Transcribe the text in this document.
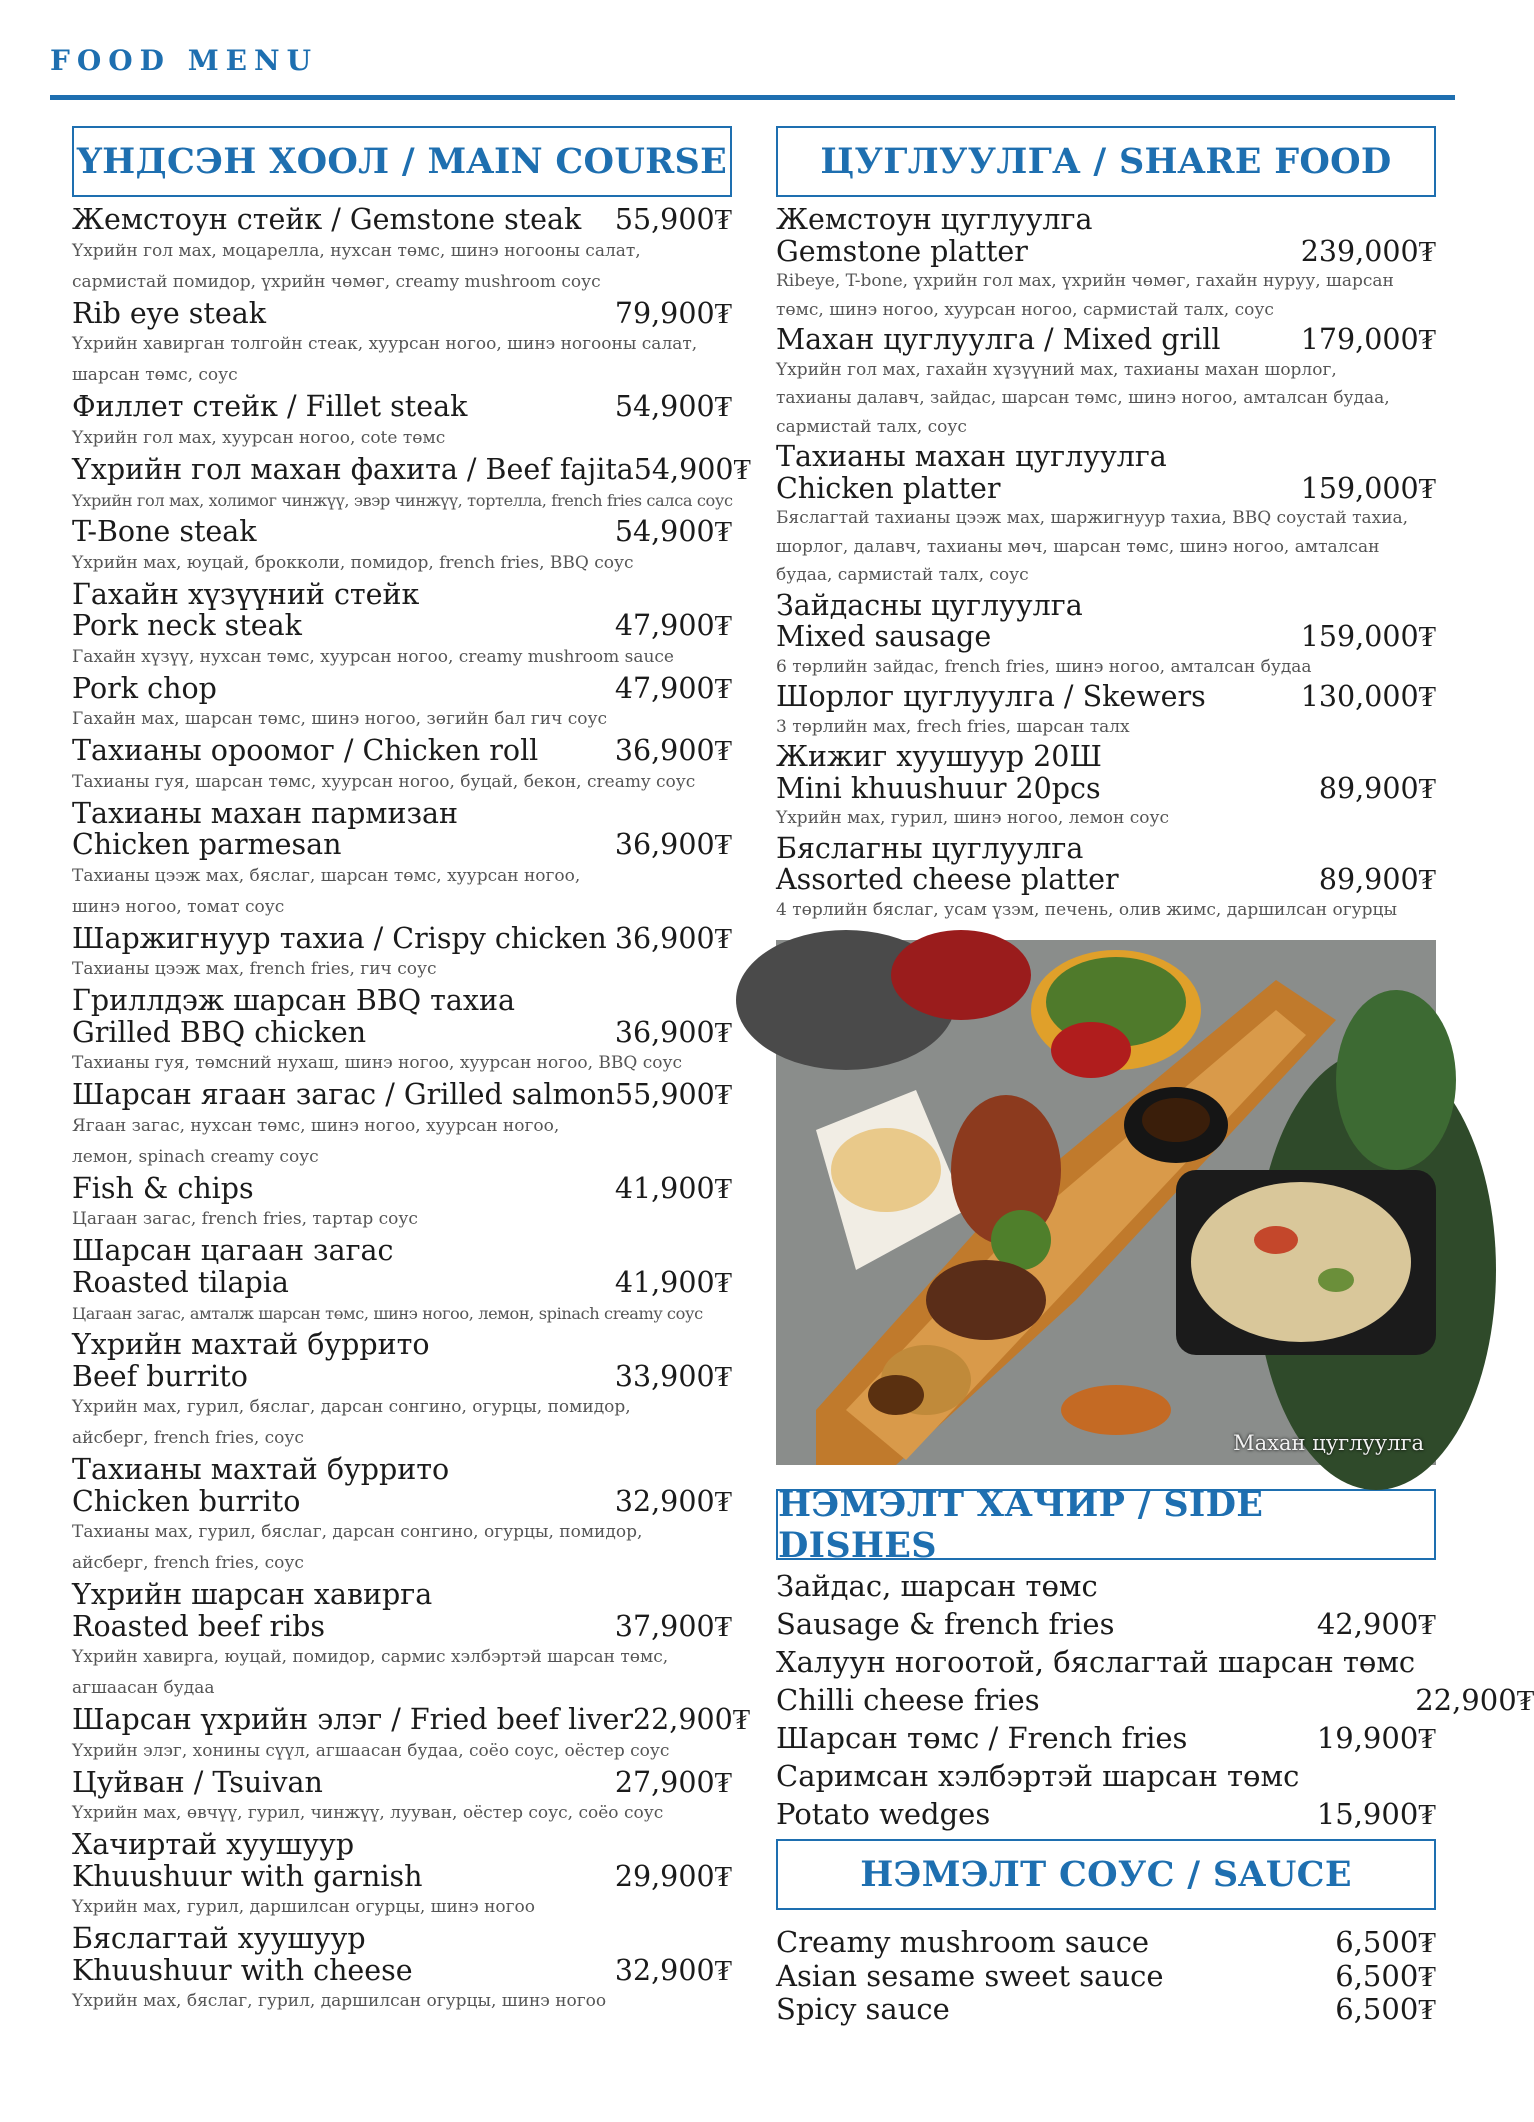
FOOD MENU
ҮНДСЭН ХООЛ / MAIN COURSE
Жемстоун стейк / Gemstone steak 55,900₮
Үхрийн гол мах, моцарелла, нухсан төмс, шинэ ногооны салат,
сармистай помидор, үхрийн чөмөг, creamy mushroom соус
Rib eye steak	79,900₮
Үхрийн хавирган толгойн стеак, хуурсан ногоо, шинэ ногооны салат,
шарсан төмс, соус
Филлет стейк / Fillet steak	54,900₮
Үхрийн гол мах, хуурсан ногоо, cote төмс
Үхрийн гол махан фахита / Beef fajita 54,900₮
Үхрийн гол мах, холимог чинжүү, эвэр чинжүү, тортелла, french fries салса соус
T-Bone steak	54,900₮
Үхрийн мах, юуцай, брокколи, помидор, french fries, BBQ соус
Гахайн хүзүүний стейк
Pork neck steak	47,900₮
Гахайн хүзүү, нухсан төмс, хуурсан ногоо, creamy mushroom sauce
Pork chop	47,900₮
Гахайн мах, шарсан төмс, шинэ ногоо, зөгийн бал гич соус
Тахианы ороомог / Chicken roll	36,900₮
Тахианы гуя, шарсан төмс, хуурсан ногоо, буцай, бекон, creamy соус
Тахианы махан пармизан
Chicken parmesan	36,900₮
Тахианы цээж мах, бяслаг, шарсан төмс, хуурсан ногоо,
шинэ ногоо, томат соус
Шаржигнуур тахиа / Crispy chicken 36,900₮
Тахианы цээж мах, french fries, гич соус
Гриллдэж шарсан BBQ тахиа
Grilled BBQ chicken	36,900₮
Тахианы гуя, төмсний нухаш, шинэ ногоо, хуурсан ногоо, BBQ соус
Шарсан ягаан загас / Grilled salmon 55,900₮
Ягаан загас, нухсан төмс, шинэ ногоо, хуурсан ногоо,
лемон, spinach creamy соус
Fish & chips	41,900₮
Цагаан загас, french fries, тартар соус
Шарсан цагаан загас
Roasted tilapia	41,900₮
Цагаан загас, амталж шарсан төмс, шинэ ногоо, лемон, spinach creamy соус
Үхрийн махтай буррито
Beef burrito	33,900₮
Үхрийн мах, гурил, бяслаг, дарсан сонгино, огурцы, помидор,
айсберг, french fries, соус
Тахианы махтай буррито
Chicken burrito	32,900₮
Тахианы мах, гурил, бяслаг, дарсан сонгино, огурцы, помидор,
айсберг, french fries, соус
Үхрийн шарсан хавирга
Roasted beef ribs	37,900₮
Үхрийн хавирга, юуцай, помидор, сармис хэлбэртэй шарсан төмс,
агшаасан будаа
Шарсан үхрийн элэг / Fried beef liver 22,900₮
Үхрийн элэг, хонины сүүл, агшаасан будаа, соёо соус, оёстер соус
Цуйван / Tsuivan	27,900₮
Үхрийн мах, өвчүү, гурил, чинжүү, лууван, оёстер соус, соёо соус
Хачиртай хуушуур
Khuushuur with garnish	29,900₮
Үхрийн мах, гурил, даршилсан огурцы, шинэ ногоо
Бяслагтай хуушуур
Khuushuur with cheese	32,900₮
Үхрийн мах, бяслаг, гурил, даршилсан огурцы, шинэ ногоо
ЦУГЛУУЛГА / SHARE FOOD
Жемстоун цуглуулга
Gemstone platter	239,000₮
Ribeye, T-bone, үхрийн гол мах, үхрийн чөмөг, гахайн нуруу, шарсан
төмс, шинэ ногоо, хуурсан ногоо, сармистай талх, соус
Махан цуглуулга / Mixed grill	179,000₮
Үхрийн гол мах, гахайн хүзүүний мах, тахианы махан шорлог,
тахианы далавч, зайдас, шарсан төмс, шинэ ногоо, амталсан будаа,
сармистай талх, соус
Тахианы махан цуглуулга
Chicken platter	159,000₮
Бяслагтай тахианы цээж мах, шаржигнуур тахиа, BBQ соустай тахиа,
шорлог, далавч, тахианы мөч, шарсан төмс, шинэ ногоо, амталсан
будаа, сармистай талх, соус
Зайдасны цуглуулга
Mixed sausage	159,000₮
6 төрлийн зайдас, french fries, шинэ ногоо, амталсан будаа
Шорлог цуглуулга / Skewers	130,000₮
3 төрлийн мах, frech fries, шарсан талх
Жижиг хуушуур 20Ш
Mini khuushuur 20pcs	89,900₮
Үхрийн мах, гурил, шинэ ногоо, лемон соус
Бяслагны цуглуулга
Assorted cheese platter	89,900₮
4 төрлийн бяслаг, усам үзэм, печень, олив жимс, даршилсан огурцы
Махан цуглуулга
НЭМЭЛТ ХАЧИР / SIDE DISHES
Зайдас, шарсан төмс
Sausage & french fries	42,900₮
Халуун ногоотой, бяслагтай шарсан төмс
Chilli cheese fries	22,900₮
Шарсан төмс / French fries	19,900₮
Саримсан хэлбэртэй шарсан төмс
Potato wedges	15,900₮
НЭМЭЛТ СОУС / SAUCE
Creamy mushroom sauce	6,500₮
Asian sesame sweet sauce	6,500₮
Spicy sauce	6,500₮
